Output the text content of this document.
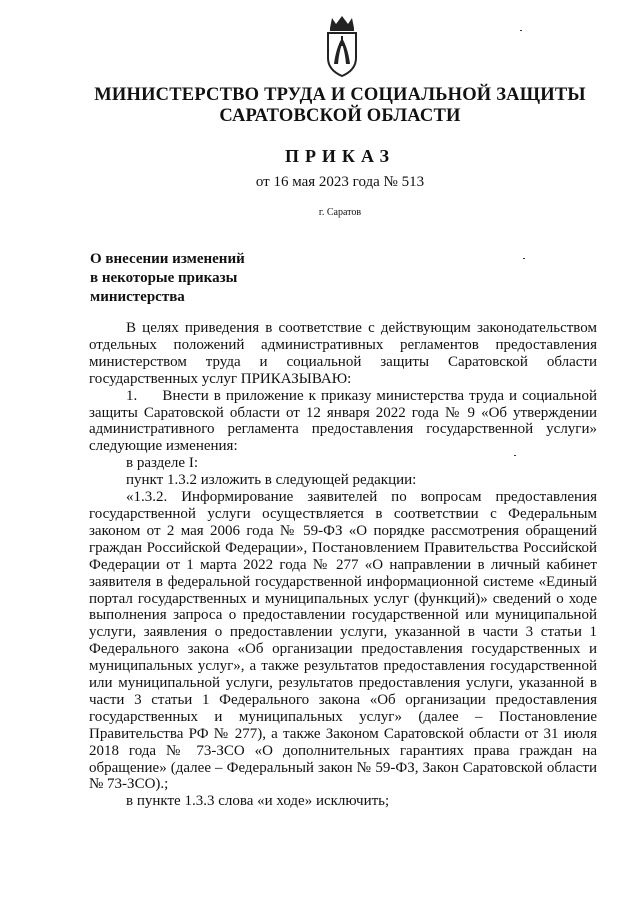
МИНИСТЕРСТВО ТРУДА И СОЦИАЛЬНОЙ ЗАЩИТЫ
САРАТОВСКОЙ ОБЛАСТИ
ПРИКАЗ
от 16 мая 2023 года № 513
г. Саратов
О внесении изменений
в некоторые приказы
министерства

В целях приведения в соответствие с действующим законодательством отдельных положений административных регламентов предоставления министерством труда и социальной защиты Саратовской области государственных услуг ПРИКАЗЫВАЮ:

1.     Внести в приложение к приказу министерства труда и социальной защиты Саратовской области от 12 января 2022 года № 9 «Об утверждении административного регламента предоставления государственной услуги» следующие изменения:

в разделе I:

пункт 1.3.2 изложить в следующей редакции:

«1.3.2. Информирование заявителей по вопросам предоставления государственной услуги осуществляется в соответствии с Федеральным законом от 2 мая 2006 года № 59-ФЗ «О порядке рассмотрения обращений граждан Российской Федерации», Постановлением Правительства Российской Федерации от 1 марта 2022 года № 277 «О направлении в личный кабинет заявителя в федеральной государственной информационной системе «Единый портал государственных и муниципальных услуг (функций)» сведений о ходе выполнения запроса о предоставлении государственной или муниципальной услуги, заявления о предоставлении услуги, указанной в части 3 статьи 1 Федерального закона «Об организации предоставления государственных и муниципальных услуг», а также результатов предоставления государственной или муниципальной услуги, результатов предоставления услуги, указанной в части 3 статьи 1 Федерального закона «Об организации предоставления государственных и муниципальных услуг» (далее – Постановление Правительства РФ № 277), а также Законом Саратовской области от 31 июля 2018 года № 73-ЗСО «О дополнительных гарантиях права граждан на обращение» (далее – Федеральный закон № 59-ФЗ, Закон Саратовской области № 73-ЗСО).;

в пункте 1.3.3 слова «и ходе» исключить;
